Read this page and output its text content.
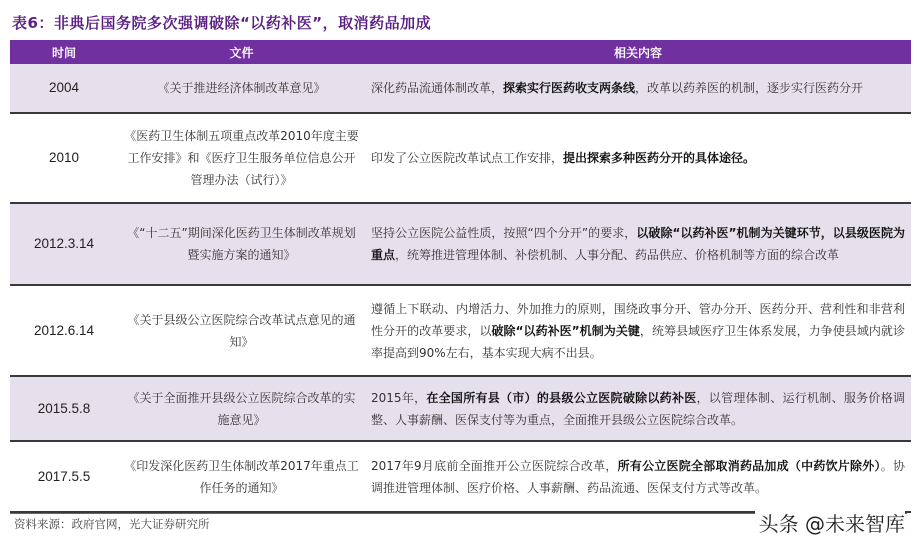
表6：非典后国务院多次强调破除“以药补医”，取消药品加成
时间	文件	相关内容
2004	《关于推进经济体制改革意见》	深化药品流通体制改革，探索实行医药收支两条线，改革以药养医的机制，逐步实行医药分开
2010	《医药卫生体制五项重点改革2010年度主要工作安排》和《医疗卫生服务单位信息公开管理办法（试行）》	印发了公立医院改革试点工作安排，提出探索多种医药分开的具体途径。
2012.3.14	《“十二五”期间深化医药卫生体制改革规划暨实施方案的通知》	坚持公立医院公益性质，按照“四个分开”的要求，以破除“以药补医”机制为关键环节，以县级医院为重点，统筹推进管理体制、补偿机制、人事分配、药品供应、价格机制等方面的综合改革
2012.6.14	《关于县级公立医院综合改革试点意见的通知》	遵循上下联动、内增活力、外加推力的原则，围绕政事分开、管办分开、医药分开、营利性和非营利性分开的改革要求，以破除“以药补医”机制为关键，统筹县域医疗卫生体系发展，力争使县域内就诊率提高到90%左右，基本实现大病不出县。
2015.5.8	《关于全面推开县级公立医院综合改革的实施意见》	2015年，在全国所有县（市）的县级公立医院破除以药补医，以管理体制、运行机制、服务价格调整、人事薪酬、医保支付等为重点，全面推开县级公立医院综合改革。
2017.5.5	《印发深化医药卫生体制改革2017年重点工作任务的通知》	2017年9月底前全面推开公立医院综合改革，所有公立医院全部取消药品加成（中药饮片除外）。协调推进管理体制、医疗价格、人事薪酬、药品流通、医保支付方式等改革。
资料来源：政府官网，光大证券研究所	头条 @未来智库
